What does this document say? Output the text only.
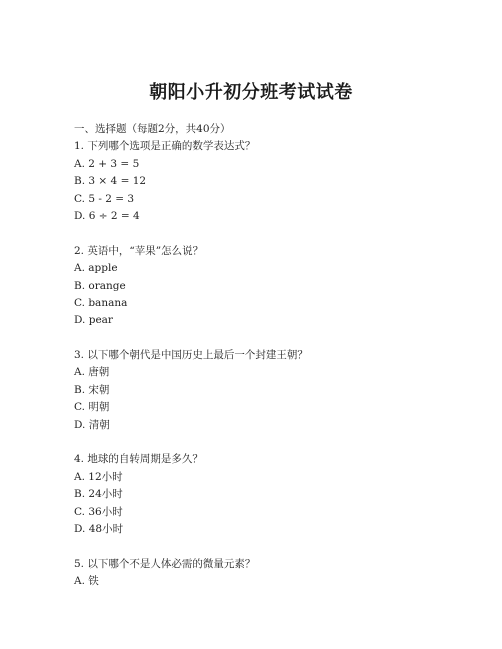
朝阳小升初分班考试试卷
一、选择题（每题2分，共40分）
1. 下列哪个选项是正确的数学表达式？
A. 2 + 3 = 5
B. 3 × 4 = 12
C. 5 - 2 = 3
D. 6 ÷ 2 = 4
2. 英语中，“苹果”怎么说？
A. apple
B. orange
C. banana
D. pear
3. 以下哪个朝代是中国历史上最后一个封建王朝？
A. 唐朝
B. 宋朝
C. 明朝
D. 清朝
4. 地球的自转周期是多久？
A. 12小时
B. 24小时
C. 36小时
D. 48小时
5. 以下哪个不是人体必需的微量元素？
A. 铁
